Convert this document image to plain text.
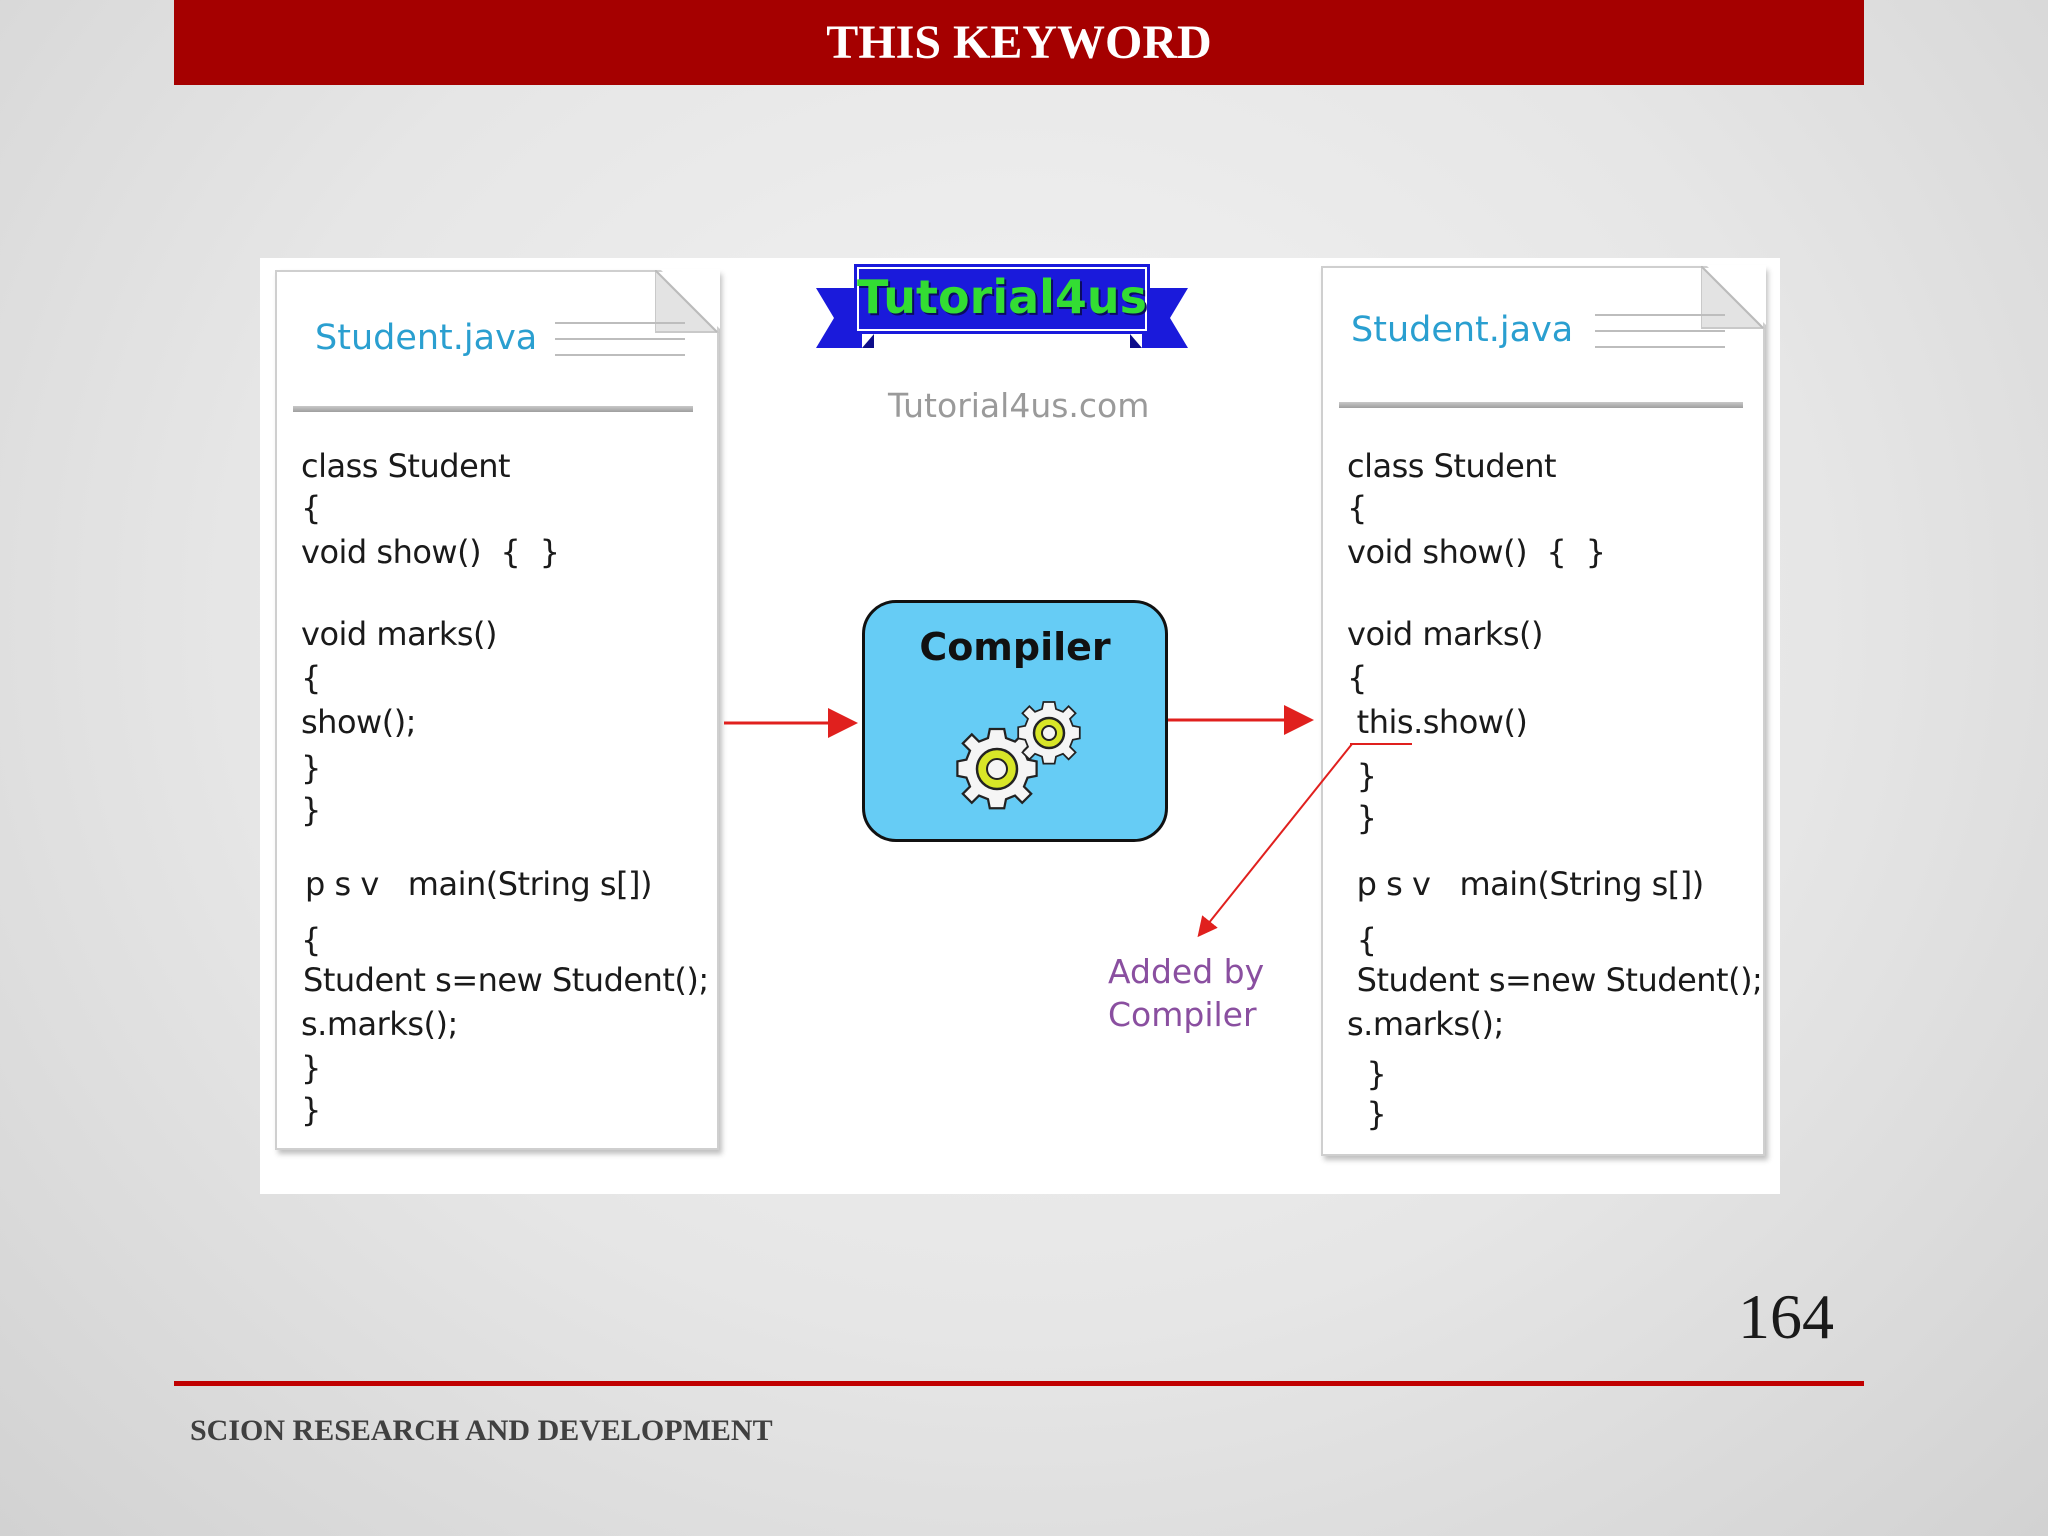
THIS KEYWORD
Student.java
class Student
{
void show()  {  }
void marks()
{
show();
}
}
p s v   main(String s[])
{
Student s=new Student();
s.marks();
}
}
Student.java
class Student
{
void show()  {  }
void marks()
{
this.show()
}
}
p s v   main(String s[])
{
Student s=new Student();
s.marks();
}
}
Tutorial4us
Tutorial4us.com
Compiler
Added by
Compiler
164
SCION RESEARCH AND DEVELOPMENT
